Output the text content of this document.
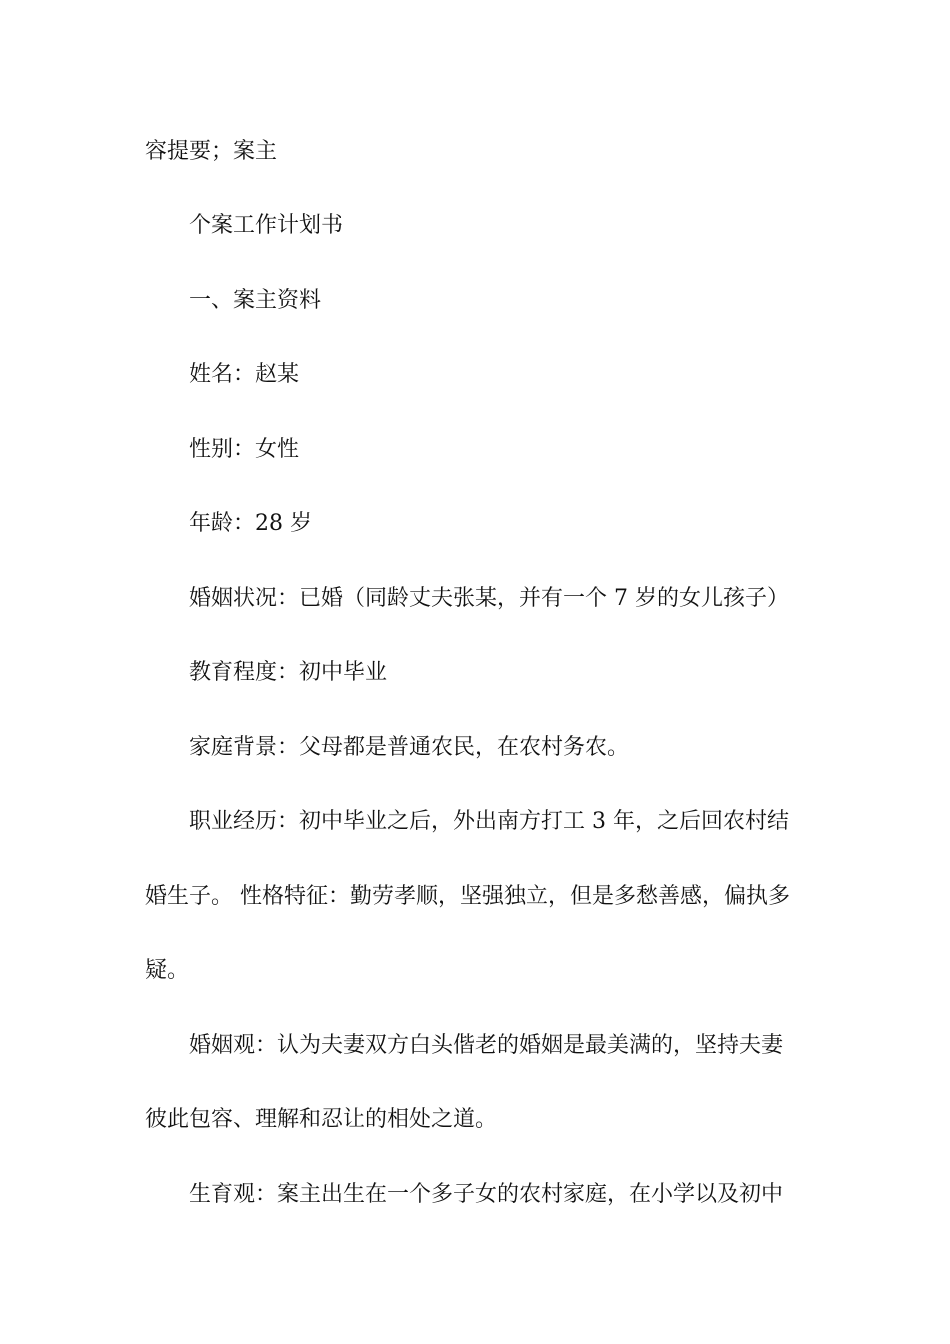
容提要；案主
个案工作计划书
一、案主资料
姓名：赵某
性别：女性
年龄：28 岁
婚姻状况：已婚（同龄丈夫张某，并有一个 7 岁的女儿孩子）
教育程度：初中毕业
家庭背景：父母都是普通农民，在农村务农。
职业经历：初中毕业之后，外出南方打工 3 年，之后回农村结
婚生子。 性格特征：勤劳孝顺，坚强独立，但是多愁善感，偏执多
疑。
婚姻观：认为夫妻双方白头偕老的婚姻是最美满的，坚持夫妻
彼此包容、理解和忍让的相处之道。
生育观：案主出生在一个多子女的农村家庭，在小学以及初中
